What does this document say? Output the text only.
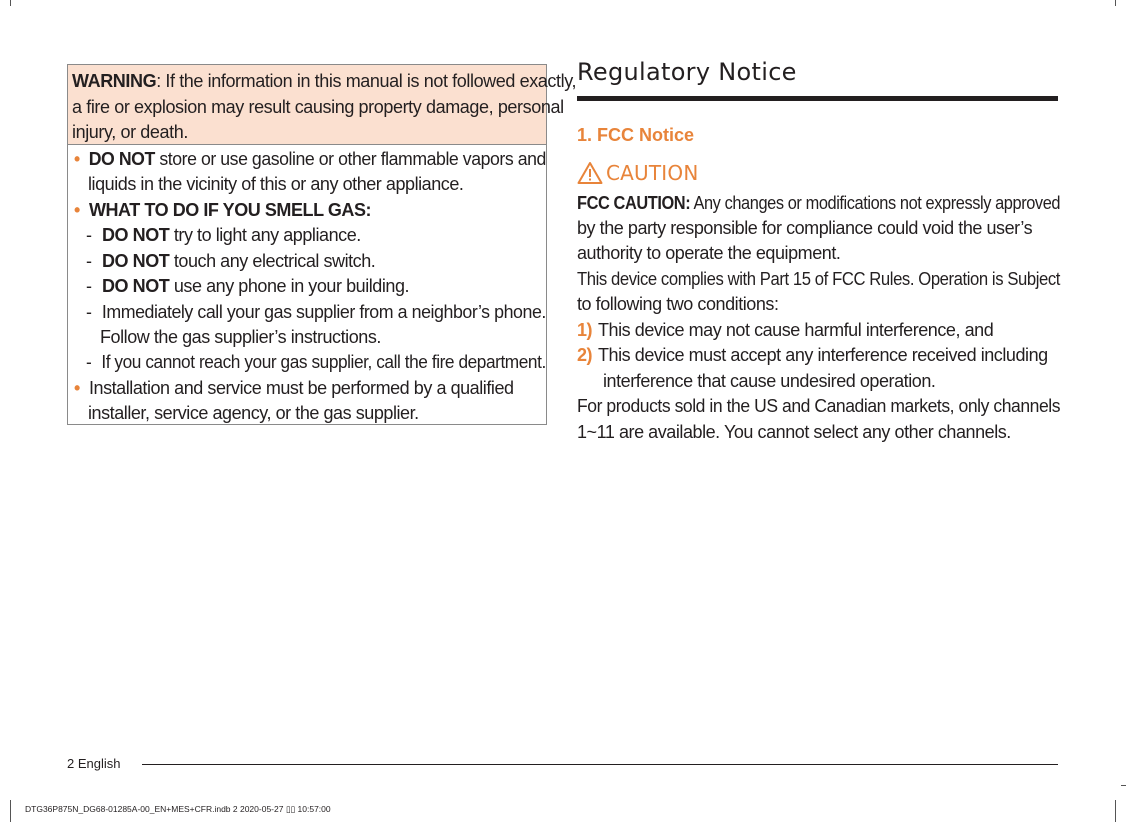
WARNING: If the information in this manual is not followed exactly,
a fire or explosion may result causing property damage, personal
injury, or death.
• DO NOT store or use gasoline or other flammable vapors and
liquids in the vicinity of this or any other appliance.
• WHAT TO DO IF YOU SMELL GAS:
- DO NOT try to light any appliance.
- DO NOT touch any electrical switch.
- DO NOT use any phone in your building.
- Immediately call your gas supplier from a neighbor’s phone.
Follow the gas supplier’s instructions.
- If you cannot reach your gas supplier, call the fire department.
• Installation and service must be performed by a qualified
installer, service agency, or the gas supplier.
Regulatory Notice
1. FCC Notice
CAUTION
FCC CAUTION: Any changes or modifications not expressly approved
by the party responsible for compliance could void the user’s
authority to operate the equipment.
This device complies with Part 15 of FCC Rules. Operation is Subject
to following two conditions:
1) This device may not cause harmful interference, and
2) This device must accept any interference received including
interference that cause undesired operation.
For products sold in the US and Canadian markets, only channels
1~11 are available. You cannot select any other channels.
2 English
DTG36P875N_DG68-01285A-00_EN+MES+CFR.indb 2 2020-05-27 ▯▯ 10:57:00
